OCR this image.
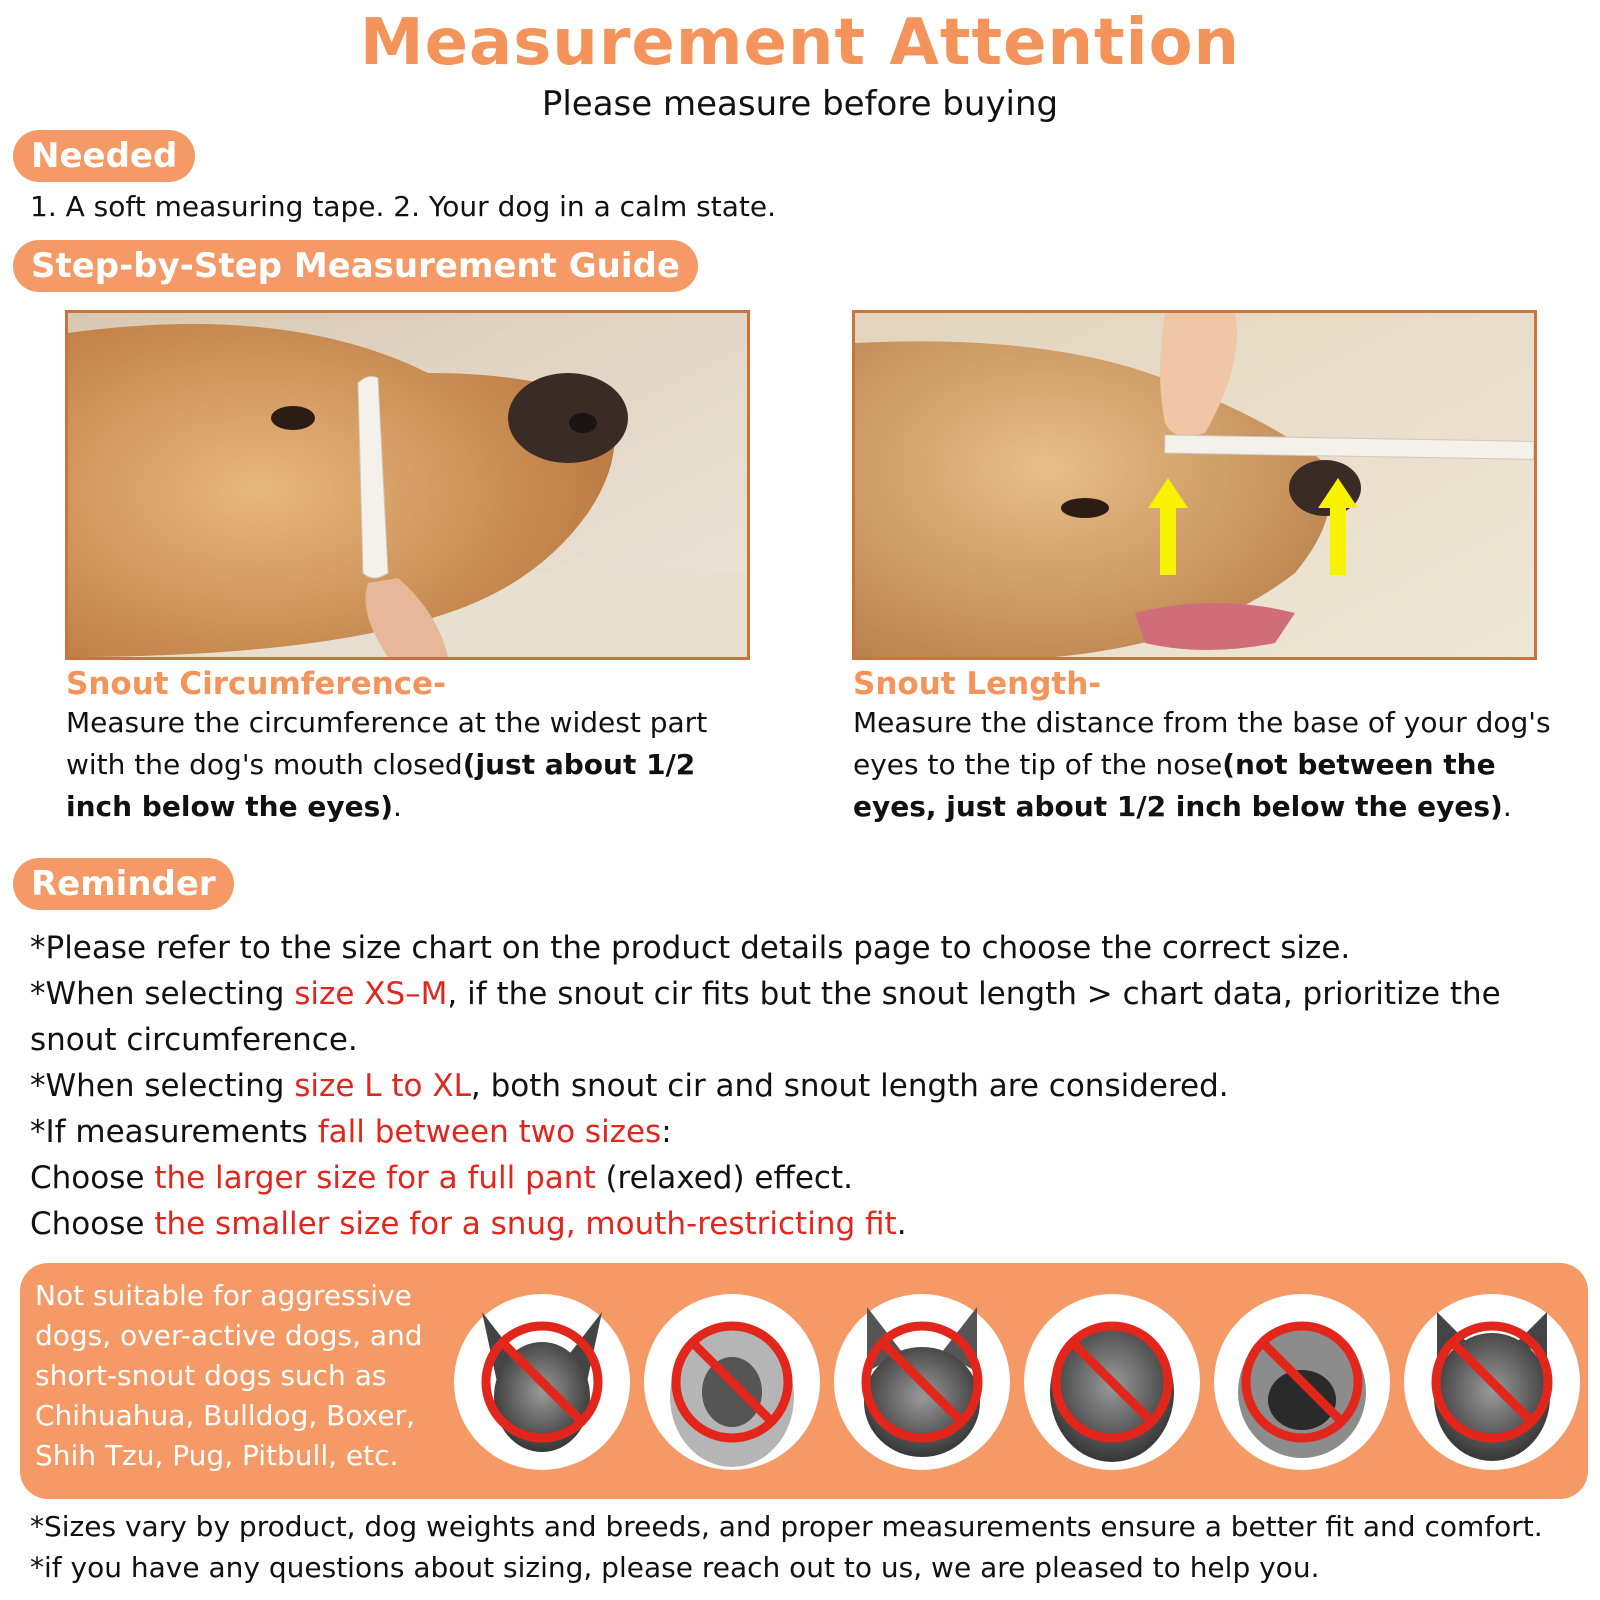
Measurement Attention
Please measure before buying
Needed
1. A soft measuring tape. 2. Your dog in a calm state.
Step-by-Step Measurement Guide
Snout Circumference-
Measure the circumference at the widest part with the dog's mouth closed(just about 1/2 inch below the eyes).
Snout Length-
Measure the distance from the base of your dog's eyes to the tip of the nose(not between the eyes, just about 1/2 inch below the eyes).
Reminder
*Please refer to the size chart on the product details page to choose the correct size.
*When selecting size XS–M, if the snout cir fits but the snout length > chart data, prioritize the snout circumference.
*When selecting size L to XL, both snout cir and snout length are considered.
*If measurements fall between two sizes:
Choose the larger size for a full pant (relaxed) effect.
Choose the smaller size for a snug, mouth-restricting fit.
Not suitable for aggressive dogs, over-active dogs, and short-snout dogs such as Chihuahua, Bulldog, Boxer, Shih Tzu, Pug, Pitbull, etc.
*Sizes vary by product, dog weights and breeds, and proper measurements ensure a better fit and comfort.
*if you have any questions about sizing, please reach out to us, we are pleased to help you.
